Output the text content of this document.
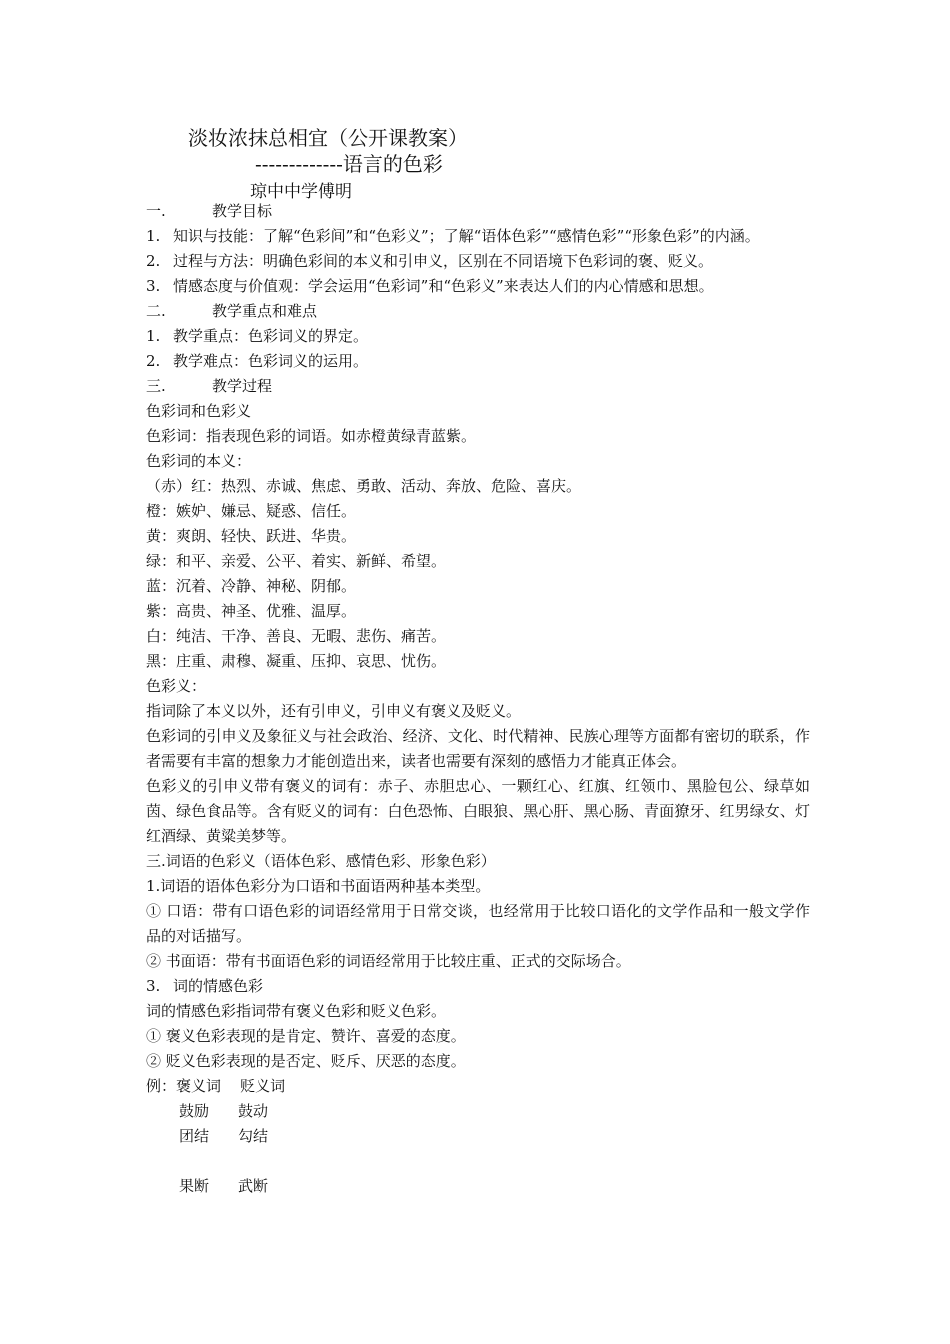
淡妆浓抹总相宜（公开课教案）
-------------语言的色彩
琼中中学傅明
一.	教学目标
1. 知识与技能：了解“色彩间”和“色彩义”；了解“语体色彩”“感情色彩”“形象色彩”的内涵。
2. 过程与方法：明确色彩间的本义和引申义，区别在不同语境下色彩词的褒、贬义。
3. 情感态度与价值观：学会运用“色彩词”和“色彩义”来表达人们的内心情感和思想。
二.	教学重点和难点
1. 教学重点：色彩词义的界定。
2. 教学难点：色彩词义的运用。
三.	教学过程
色彩词和色彩义
色彩词：指表现色彩的词语。如赤橙黄绿青蓝紫。
色彩词的本义：
（赤）红：热烈、赤诚、焦虑、勇敢、活动、奔放、危险、喜庆。
橙：嫉妒、嫌忌、疑惑、信任。
黄：爽朗、轻快、跃进、华贵。
绿：和平、亲爱、公平、着实、新鲜、希望。
蓝：沉着、冷静、神秘、阴郁。
紫：高贵、神圣、优雅、温厚。
白：纯洁、干净、善良、无暇、悲伤、痛苦。
黑：庄重、肃穆、凝重、压抑、哀思、忧伤。
色彩义：
指词除了本义以外，还有引申义，引申义有褒义及贬义。
色彩词的引申义及象征义与社会政治、经济、文化、时代精神、民族心理等方面都有密切的联系，作者需要有丰富的想象力才能创造出来，读者也需要有深刻的感悟力才能真正体会。
色彩义的引申义带有褒义的词有：赤子、赤胆忠心、一颗红心、红旗、红领巾、黑脸包公、绿草如茵、绿色食品等。含有贬义的词有：白色恐怖、白眼狼、黑心肝、黑心肠、青面獠牙、红男绿女、灯红酒绿、黄粱美梦等。
三.词语的色彩义（语体色彩、感情色彩、形象色彩）
1.词语的语体色彩分为口语和书面语两种基本类型。
① 口语：带有口语色彩的词语经常用于日常交谈，也经常用于比较口语化的文学作品和一般文学作品的对话描写。
② 书面语：带有书面语色彩的词语经常用于比较庄重、正式的交际场合。
3. 词的情感色彩
词的情感色彩指词带有褒义色彩和贬义色彩。
① 褒义色彩表现的是肯定、赞许、喜爱的态度。
② 贬义色彩表现的是否定、贬斥、厌恶的态度。
例：褒义词    贬义词
鼓励	鼓动
团结	勾结
果断	武断
